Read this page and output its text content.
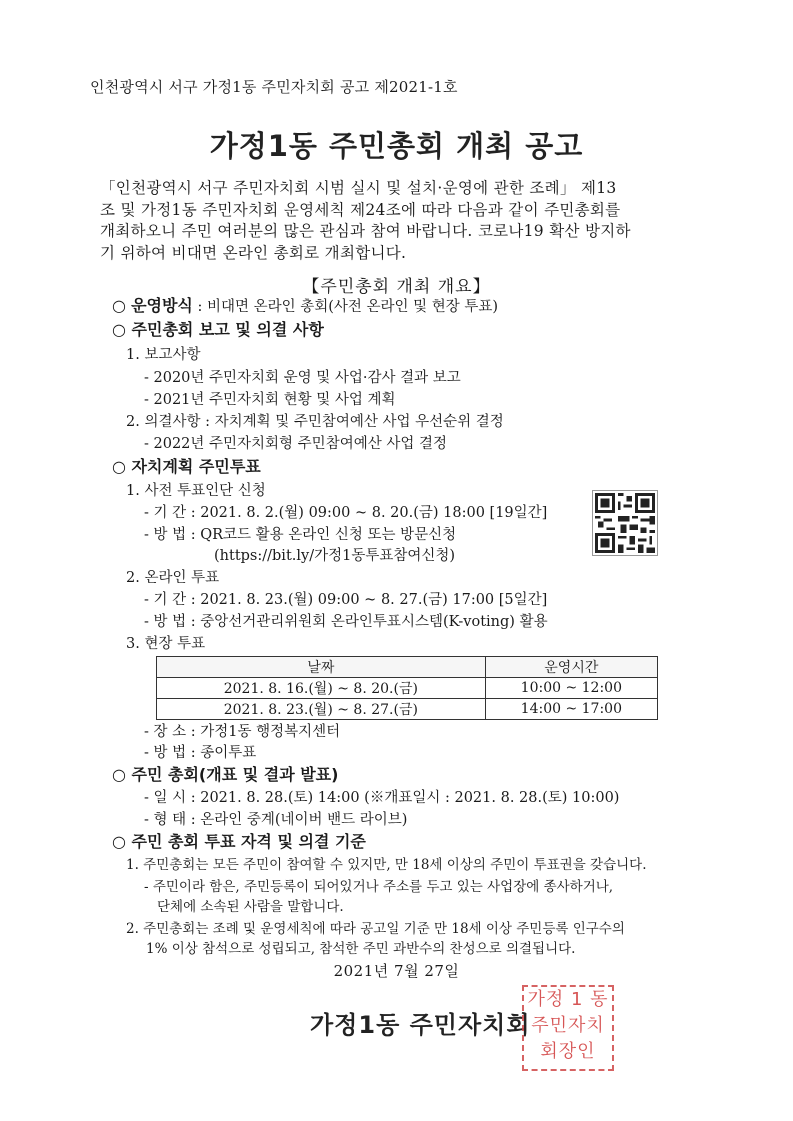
인천광역시 서구 가정1동 주민자치회 공고 제2021-1호
가정1동 주민총회 개최 공고
「인천광역시 서구 주민자치회 시범 실시 및 설치·운영에 관한 조례」 제13
조 및 가정1동 주민자치회 운영세칙 제24조에 따라 다음과 같이 주민총회를
개최하오니 주민 여러분의 많은 관심과 참여 바랍니다. 코로나19 확산 방지하
기 위하여 비대면 온라인 총회로 개최합니다.
【주민총회 개최 개요】
○ 운영방식 : 비대면 온라인 총회(사전 온라인 및 현장 투표)
○ 주민총회 보고 및 의결 사항
1. 보고사항
- 2020년 주민자치회 운영 및 사업·감사 결과 보고
- 2021년 주민자치회 현황 및 사업 계획
2. 의결사항 : 자치계획 및 주민참여예산 사업 우선순위 결정
- 2022년 주민자치회형 주민참여예산 사업 결정
○ 자치계획 주민투표
1. 사전 투표인단 신청
- 기 간 : 2021. 8. 2.(월) 09:00 ~ 8. 20.(금) 18:00 [19일간]
- 방 법 : QR코드 활용 온라인 신청 또는 방문신청
(https://bit.ly/가정1동투표참여신청)
2. 온라인 투표
- 기 간 : 2021. 8. 23.(월) 09:00 ~ 8. 27.(금) 17:00 [5일간]
- 방 법 : 중앙선거관리위원회 온라인투표시스템(K-voting) 활용
3. 현장 투표
날짜	운영시간
2021. 8. 16.(월) ~ 8. 20.(금)	10:00 ~ 12:00
2021. 8. 23.(월) ~ 8. 27.(금)	14:00 ~ 17:00
- 장 소 : 가정1동 행정복지센터
- 방 법 : 종이투표
○ 주민 총회(개표 및 결과 발표)
- 일 시 : 2021. 8. 28.(토) 14:00 (※개표일시 : 2021. 8. 28.(토) 10:00)
- 형 태 : 온라인 중계(네이버 밴드 라이브)
○ 주민 총회 투표 자격 및 의결 기준
1. 주민총회는 모든 주민이 참여할 수 있지만, 만 18세 이상의 주민이 투표권을 갖습니다.
- 주민이라 함은, 주민등록이 되어있거나 주소를 두고 있는 사업장에 종사하거나,
단체에 소속된 사람을 말합니다.
2. 주민총회는 조례 및 운영세칙에 따라 공고일 기준 만 18세 이상 주민등록 인구수의
1% 이상 참석으로 성립되고, 참석한 주민 과반수의 찬성으로 의결됩니다.
2021년 7월 27일
가정1동 주민자치회
가정 1 동
주민자치
회장인
